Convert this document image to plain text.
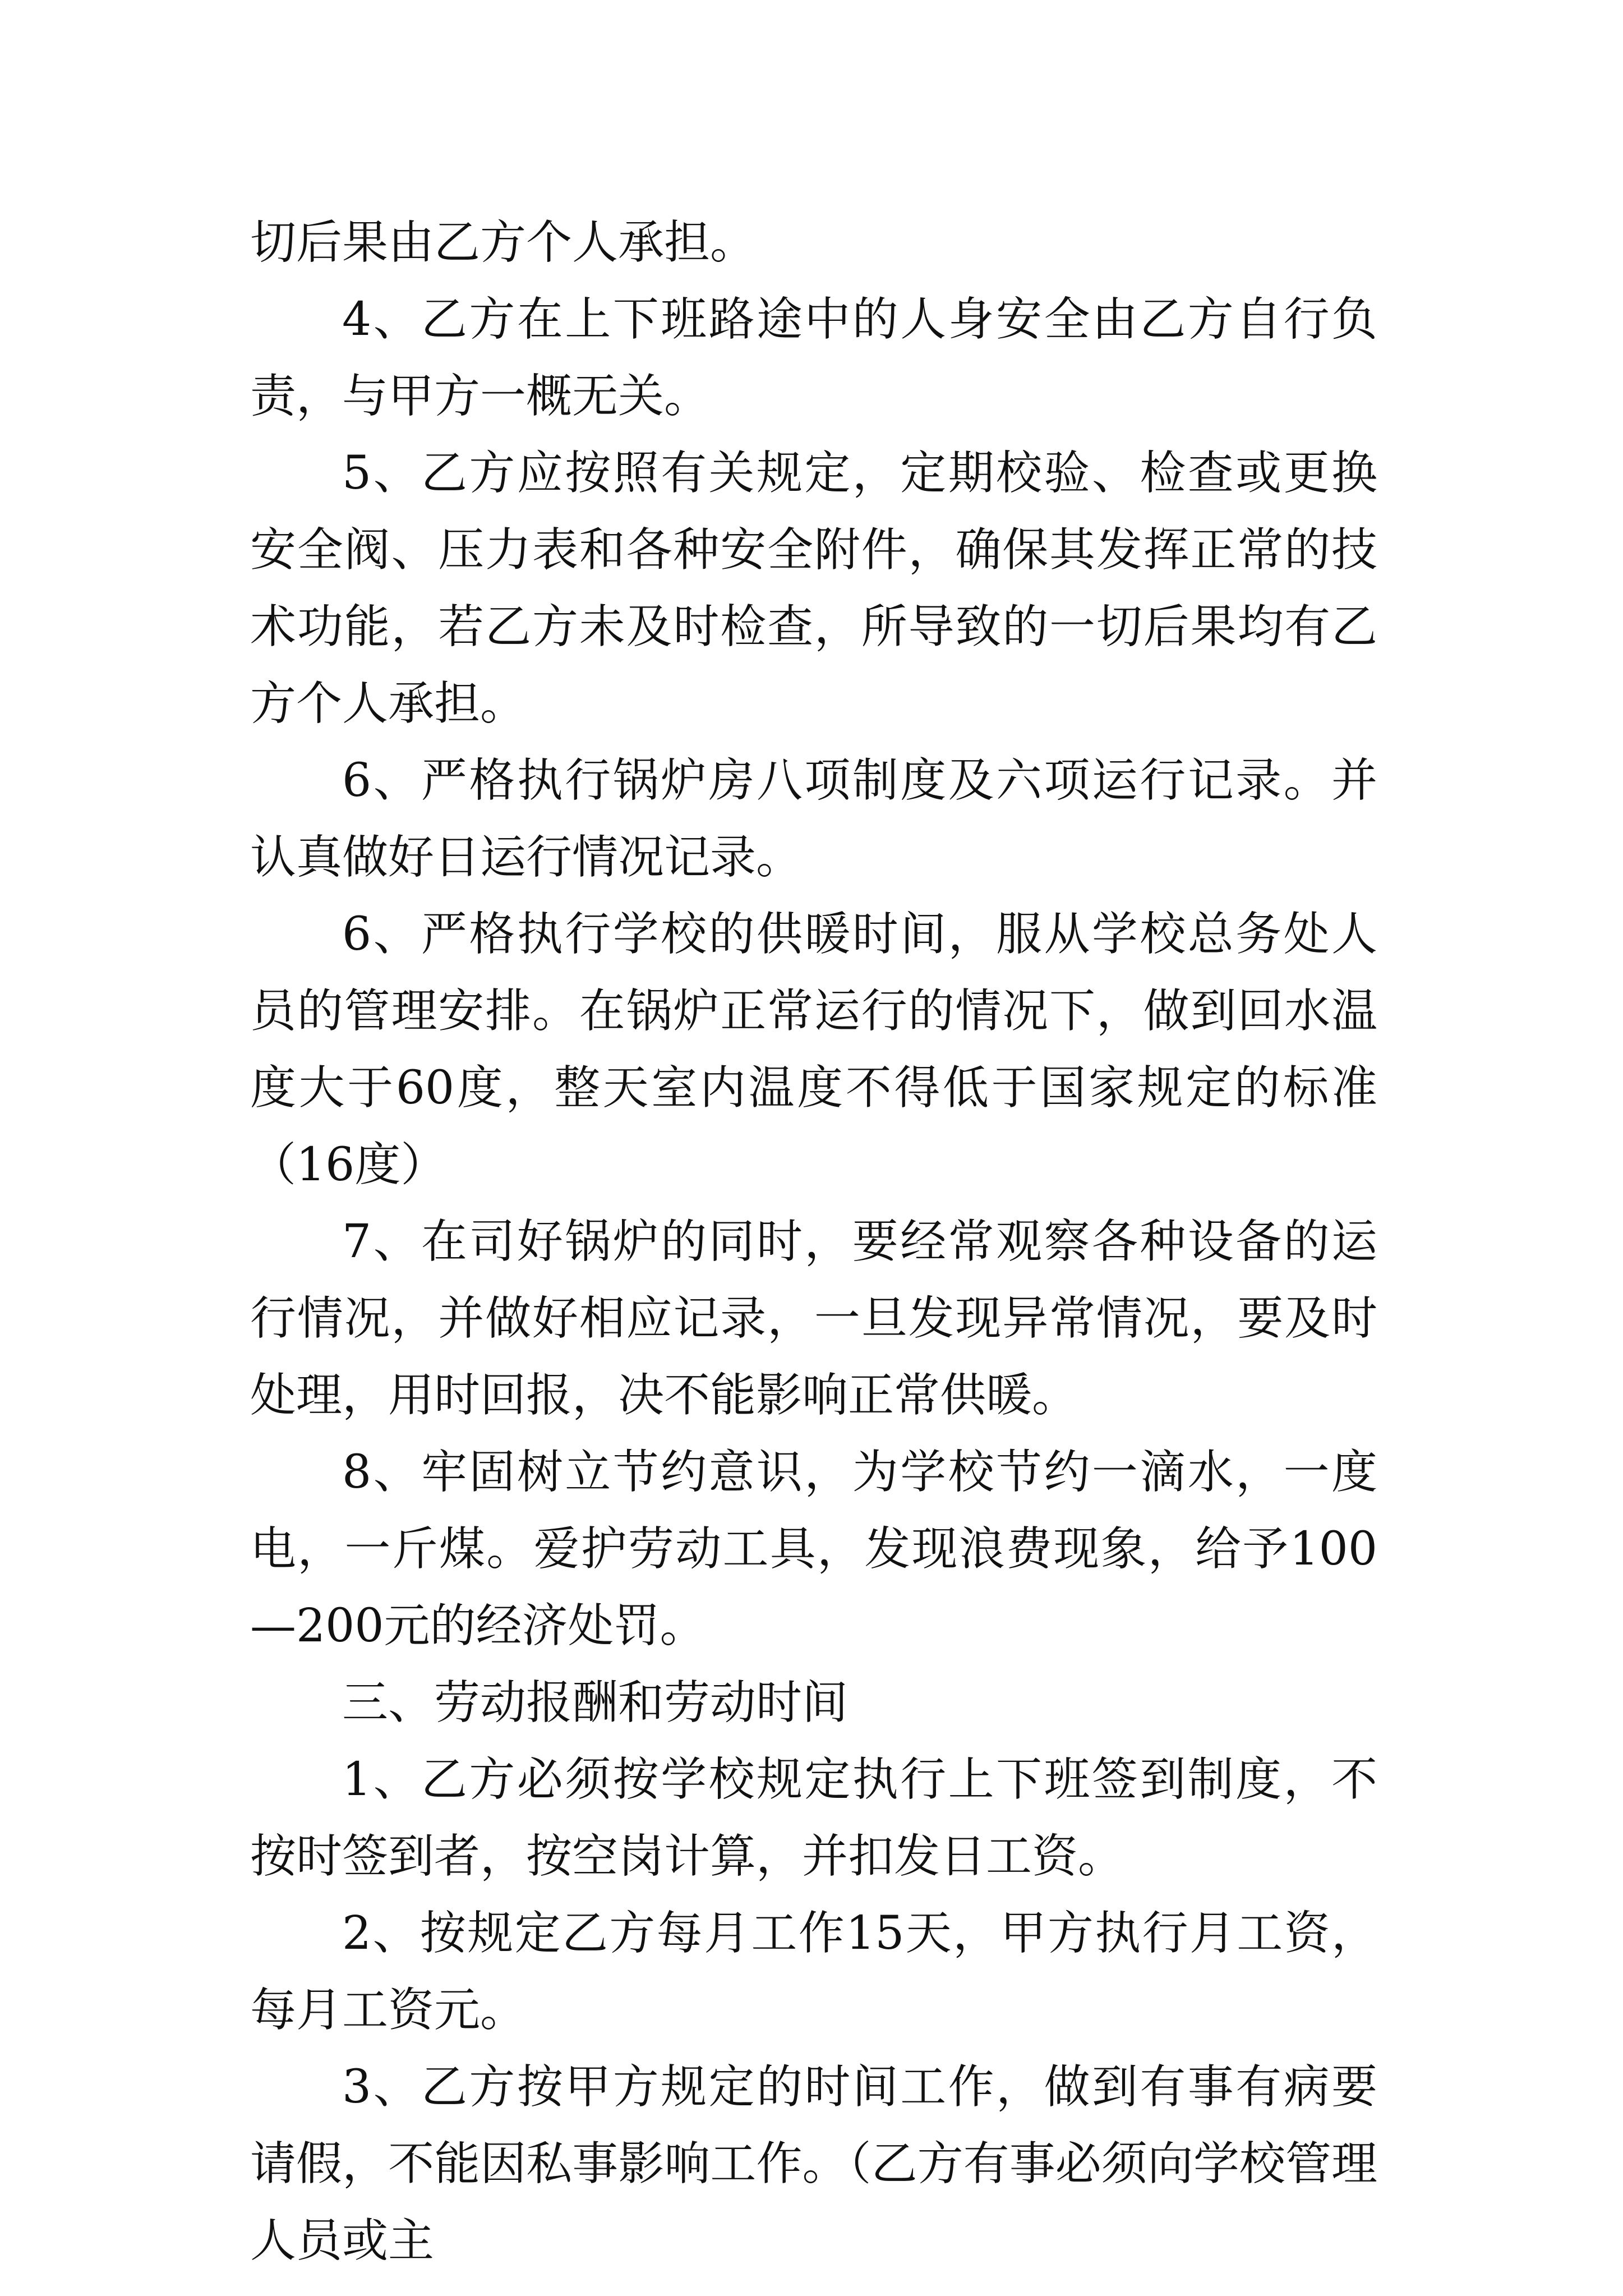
切后果由乙方个人承担。

4、乙方在上下班路途中的人身安全由乙方自行负责，与甲方一概无关。

5、乙方应按照有关规定，定期校验、检查或更换安全阀、压力表和各种安全附件，确保其发挥正常的技术功能，若乙方未及时检查，所导致的一切后果均有乙方个人承担。

6、严格执行锅炉房八项制度及六项运行记录。并认真做好日运行情况记录。

6、严格执行学校的供暖时间，服从学校总务处人员的管理安排。在锅炉正常运行的情况下，做到回水温度大于60度，整天室内温度不得低于国家规定的标准（16度）

7、在司好锅炉的同时，要经常观察各种设备的运行情况，并做好相应记录，一旦发现异常情况，要及时处理，用时回报，决不能影响正常供暖。

8、牢固树立节约意识，为学校节约一滴水，一度电，一斤煤。爱护劳动工具，发现浪费现象，给予100—200元的经济处罚。

三、劳动报酬和劳动时间

1、乙方必须按学校规定执行上下班签到制度，不按时签到者，按空岗计算，并扣发日工资。

2、按规定乙方每月工作15天，甲方执行月工资，每月工资元。

3、乙方按甲方规定的时间工作，做到有事有病要请假，不能因私事影响工作。（乙方有事必须向学校管理人员或主
